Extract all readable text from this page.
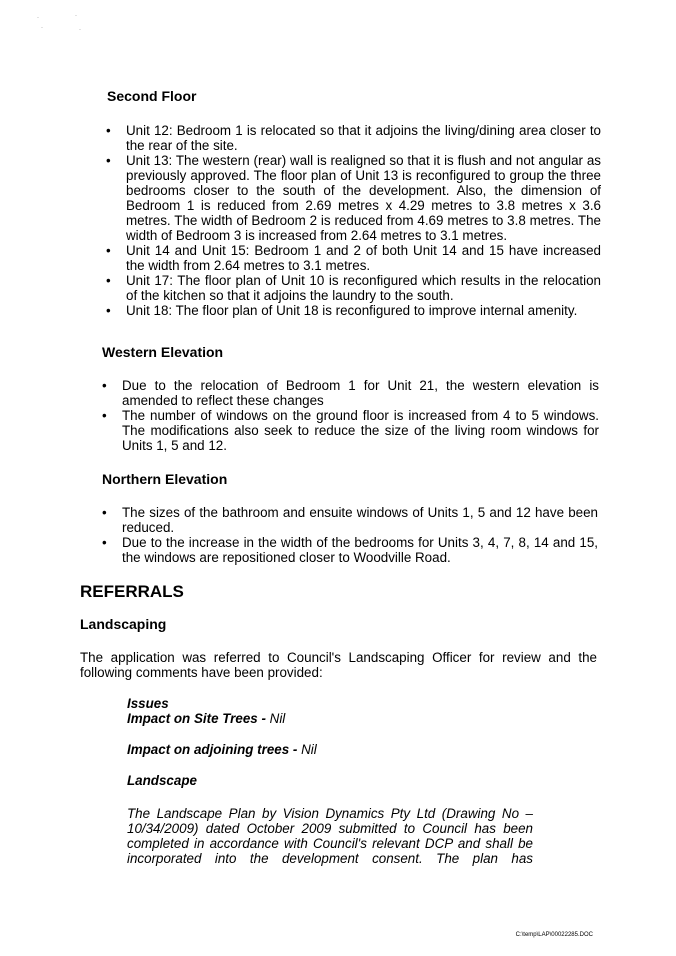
·	·
·	·
Second Floor
• Unit 12: Bedroom 1 is relocated so that it adjoins the living/dining area closer to the rear of the site.
• Unit 13: The western (rear) wall is realigned so that it is flush and not angular as previously approved. The floor plan of Unit 13 is reconfigured to group the three bedrooms closer to the south of the development. Also, the dimension of Bedroom 1 is reduced from 2.69 metres x 4.29 metres to 3.8 metres x 3.6 metres. The width of Bedroom 2 is reduced from 4.69 metres to 3.8 metres. The width of Bedroom 3 is increased from 2.64 metres to 3.1 metres.
• Unit 14 and Unit 15: Bedroom 1 and 2 of both Unit 14 and 15 have increased the width from 2.64 metres to 3.1 metres.
• Unit 17: The floor plan of Unit 10 is reconfigured which results in the relocation of the kitchen so that it adjoins the laundry to the south.
• Unit 18: The floor plan of Unit 18 is reconfigured to improve internal amenity.
Western Elevation
• Due to the relocation of Bedroom 1 for Unit 21, the western elevation is amended to reflect these changes
• The number of windows on the ground floor is increased from 4 to 5 windows. The modifications also seek to reduce the size of the living room windows for Units 1, 5 and 12.
Northern Elevation
• The sizes of the bathroom and ensuite windows of Units 1, 5 and 12 have been reduced.
• Due to the increase in the width of the bedrooms for Units 3, 4, 7, 8, 14 and 15, the windows are repositioned closer to Woodville Road.
REFERRALS
Landscaping

The application was referred to Council's Landscaping Officer for review and the following comments have been provided:

Issues

Impact on Site Trees - Nil

Impact on adjoining trees - Nil

Landscape

The Landscape Plan by Vision Dynamics Pty Ltd (Drawing No –
10/34/2009) dated October 2009 submitted to Council has been
completed in accordance with Council's relevant DCP and shall be
incorporated into the development consent. The plan has
C:\temp\LAP\00022285.DOC
